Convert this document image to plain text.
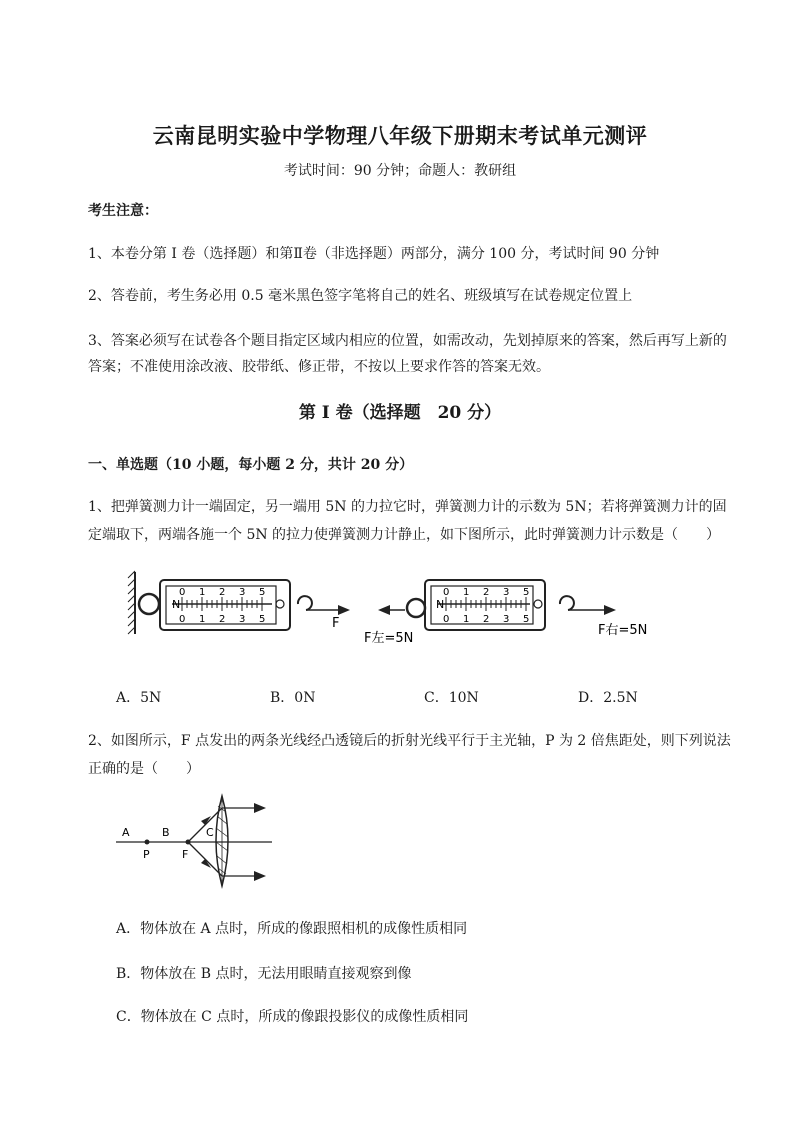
云南昆明实验中学物理八年级下册期末考试单元测评
考试时间：90 分钟；命题人：教研组
考生注意：
1、本卷分第 I 卷（选择题）和第Ⅱ卷（非选择题）两部分，满分 100 分，考试时间 90 分钟
2、答卷前，考生务必用 0.5 毫米黑色签字笔将自己的姓名、班级填写在试卷规定位置上
3、答案必须写在试卷各个题目指定区域内相应的位置，如需改动，先划掉原来的答案，然后再写上新的答案；不准使用涂改液、胶带纸、修正带，不按以上要求作答的答案无效。
第 I 卷（选择题　20 分）
一、单选题（10 小题，每小题 2 分，共计 20 分）
1、把弹簧测力计一端固定，另一端用 5N 的力拉它时，弹簧测力计的示数为 5N；若将弹簧测力计的固定端取下，两端各施一个 5N 的拉力使弹簧测力计静止，如下图所示，此时弹簧测力计示数是（　　）
N
0 1 2 3 5
0 1 2 3 5	F
N
0 1 2 3 5
0 1 2 3 5
F左=5N
F右=5N
A．5N	B．0N	C．10N	D．2.5N
2、如图所示，F 点发出的两条光线经凸透镜后的折射光线平行于主光轴，P 为 2 倍焦距处，则下列说法正确的是（　　）
A	B	C
P	F
A．物体放在 A 点时，所成的像跟照相机的成像性质相同
B．物体放在 B 点时，无法用眼睛直接观察到像
C．物体放在 C 点时，所成的像跟投影仪的成像性质相同
